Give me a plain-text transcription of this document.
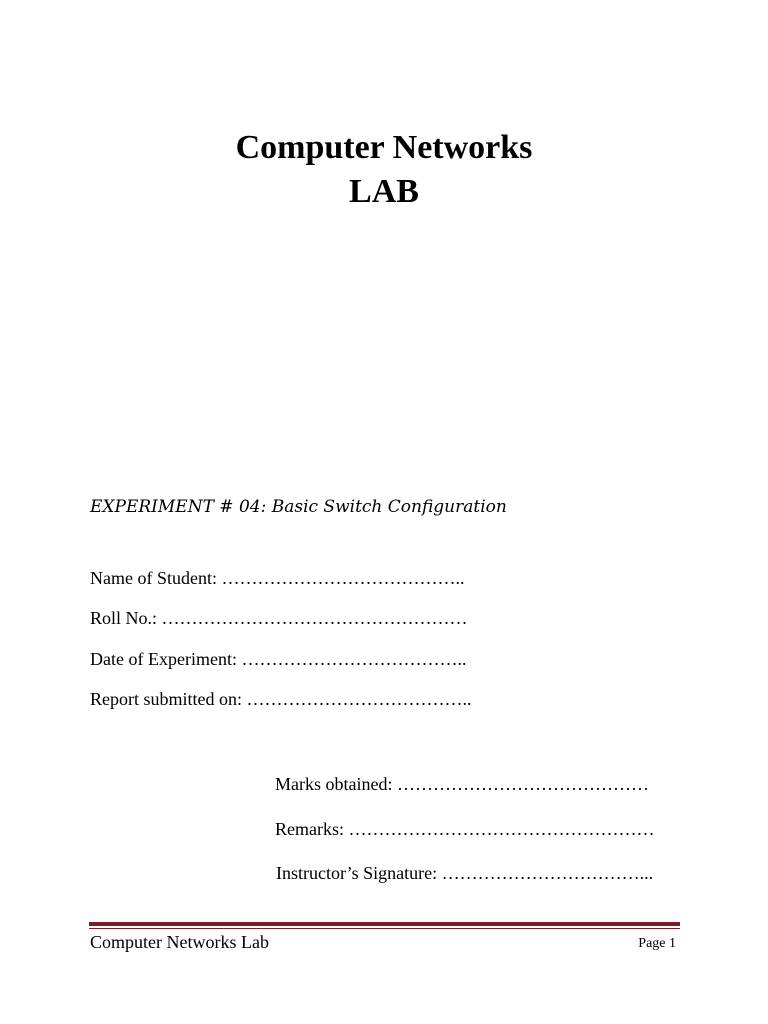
Computer Networks
LAB
EXPERIMENT # 04: Basic Switch Configuration
Name of Student: …………………………………..
Roll No.: ……………………………………………
Date of Experiment: ………………………………..
Report submitted on: ………………………………..
Marks obtained: ……………………………………
Remarks: ……………………………………………
Instructor’s Signature: ……………………………...
Computer Networks Lab	Page 1
